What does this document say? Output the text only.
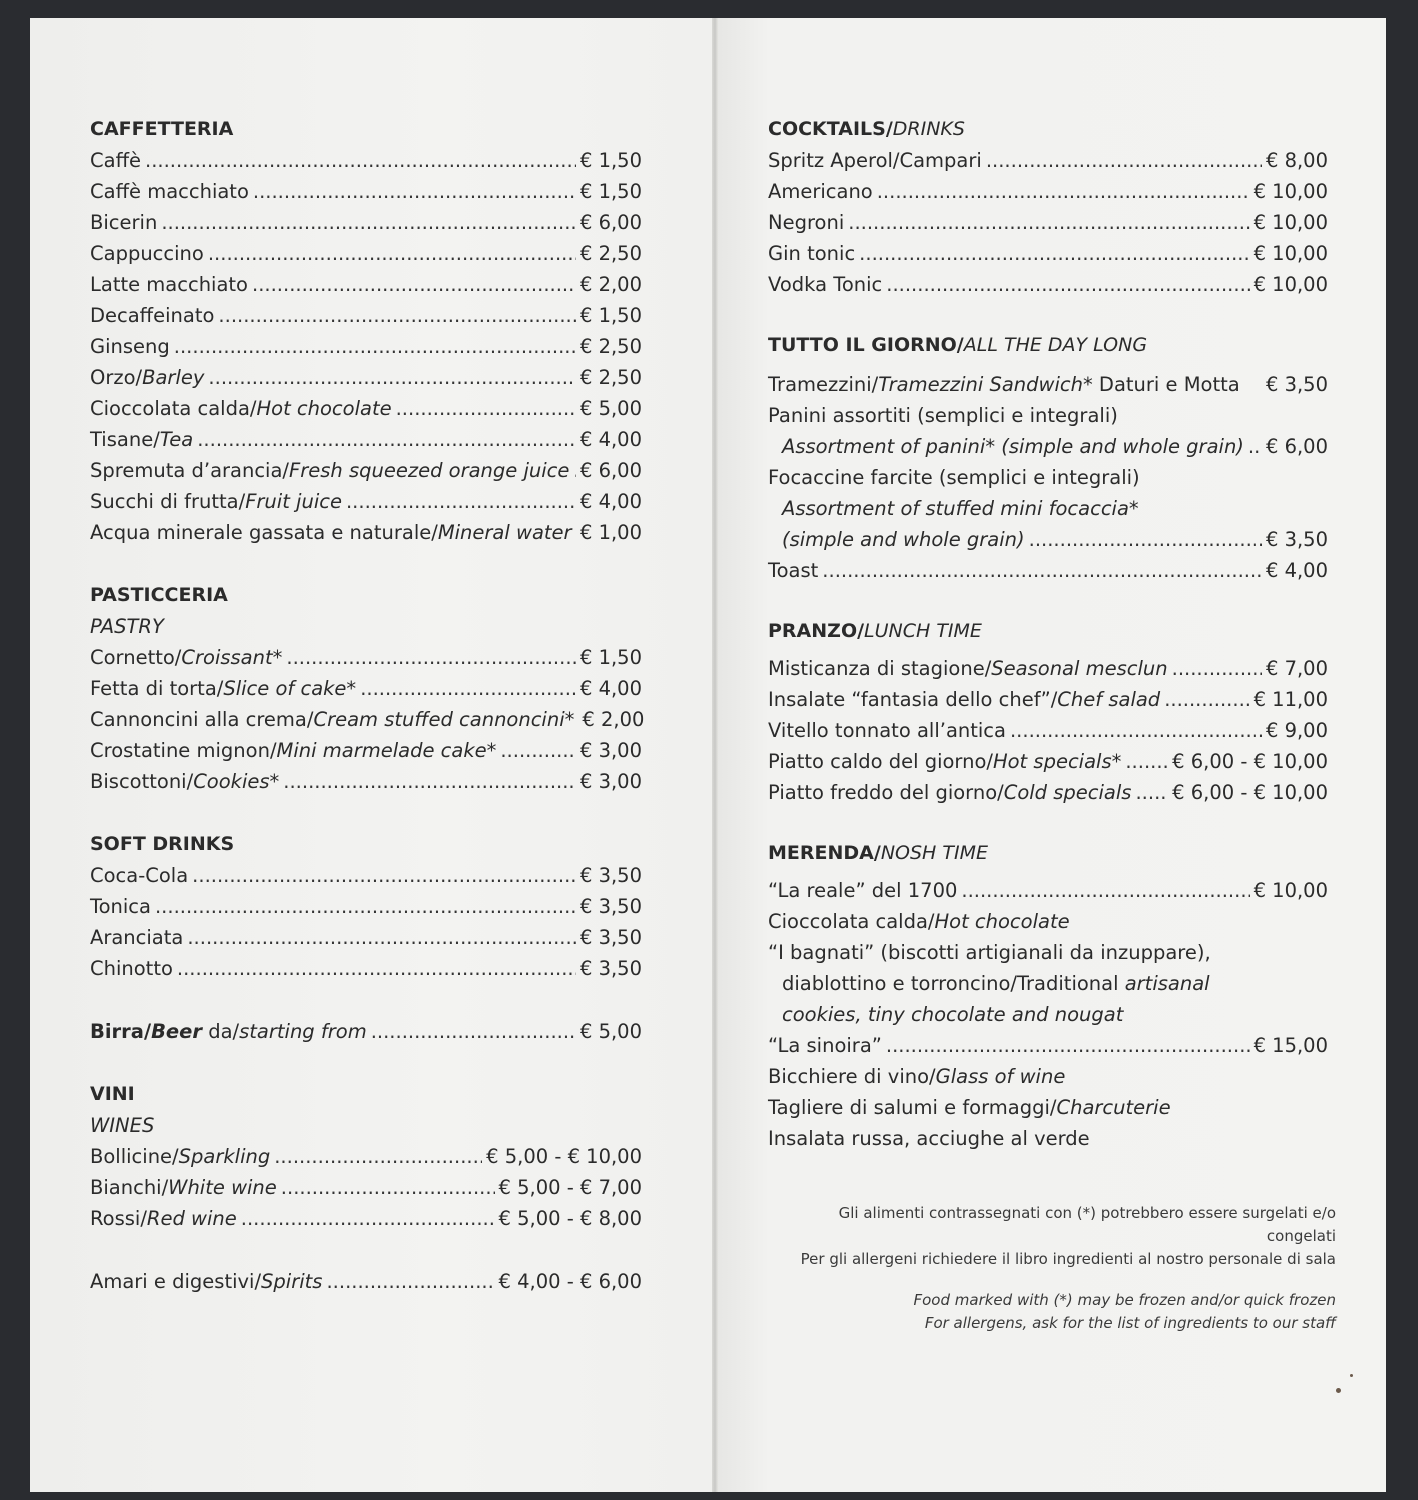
CAFFETTERIA
Caffè .....	€ 1,50
Caffè macchiato .....	€ 1,50
Bicerin .....	€ 6,00
Cappuccino .....	€ 2,50
Latte macchiato .....	€ 2,00
Decaffeinato .....	€ 1,50
Ginseng .....	€ 2,50
Orzo/Barley .....	€ 2,50
Cioccolata calda/Hot chocolate .....	€ 5,00
Tisane/Tea .....	€ 4,00
Spremuta d’arancia/Fresh squeezed orange juice ..... € 6,00
Succhi di frutta/Fruit juice .....	€ 4,00
Acqua minerale gassata e naturale/Mineral water € 1,00
PASTICCERIA
PASTRY
Cornetto/Croissant* .....	€ 1,50
Fetta di torta/Slice of cake* .....	€ 4,00
Cannoncini alla crema/Cream stuffed cannoncini* € 2,00
Crostatine mignon/Mini marmelade cake* .....	€ 3,00
Biscottoni/Cookies* .....	€ 3,00
SOFT DRINKS
Coca-Cola .....	€ 3,50
Tonica .....	€ 3,50
Aranciata .....	€ 3,50
Chinotto .....	€ 3,50
Birra/Beer da/starting from .....	€ 5,00
VINI
WINES
Bollicine/Sparkling .....	€ 5,00 - € 10,00
Bianchi/White wine .....	€ 5,00 - € 7,00
Rossi/Red wine .....	€ 5,00 - € 8,00
Amari e digestivi/Spirits .....	€ 4,00 - € 6,00
COCKTAILS/DRINKS
Spritz Aperol/Campari .....	€ 8,00
Americano .....	€ 10,00
Negroni .....	€ 10,00
Gin tonic .....	€ 10,00
Vodka Tonic .....	€ 10,00
TUTTO IL GIORNO/ALL THE DAY LONG
Tramezzini/Tramezzini Sandwich* Daturi e Motta € 3,50
Panini assortiti (semplici e integrali)
Assortment of panini* (simple and whole grain) ..... € 6,00
Focaccine farcite (semplici e integrali)
Assortment of stuffed mini focaccia*
(simple and whole grain) .....	€ 3,50
Toast .....	€ 4,00
PRANZO/LUNCH TIME
Misticanza di stagione/Seasonal mesclun .....	€ 7,00
Insalate “fantasia dello chef”/Chef salad .....	€ 11,00
Vitello tonnato all’antica .....	€ 9,00
Piatto caldo del giorno/Hot specials* .....	€ 6,00 - € 10,00
Piatto freddo del giorno/Cold specials ..... € 6,00 - € 10,00
MERENDA/NOSH TIME
“La reale” del 1700 .....	€ 10,00
Cioccolata calda/Hot chocolate
“I bagnati” (biscotti artigianali da inzuppare),
diablottino e torroncino/Traditional artisanal
cookies, tiny chocolate and nougat
“La sinoira” .....	€ 15,00
Bicchiere di vino/Glass of wine
Tagliere di salumi e formaggi/Charcuterie
Insalata russa, acciughe al verde
Gli alimenti contrassegnati con (*) potrebbero essere surgelati e/o congelati
Per gli allergeni richiedere il libro ingredienti al nostro personale di sala
Food marked with (*) may be frozen and/or quick frozen
For allergens, ask for the list of ingredients to our staff
